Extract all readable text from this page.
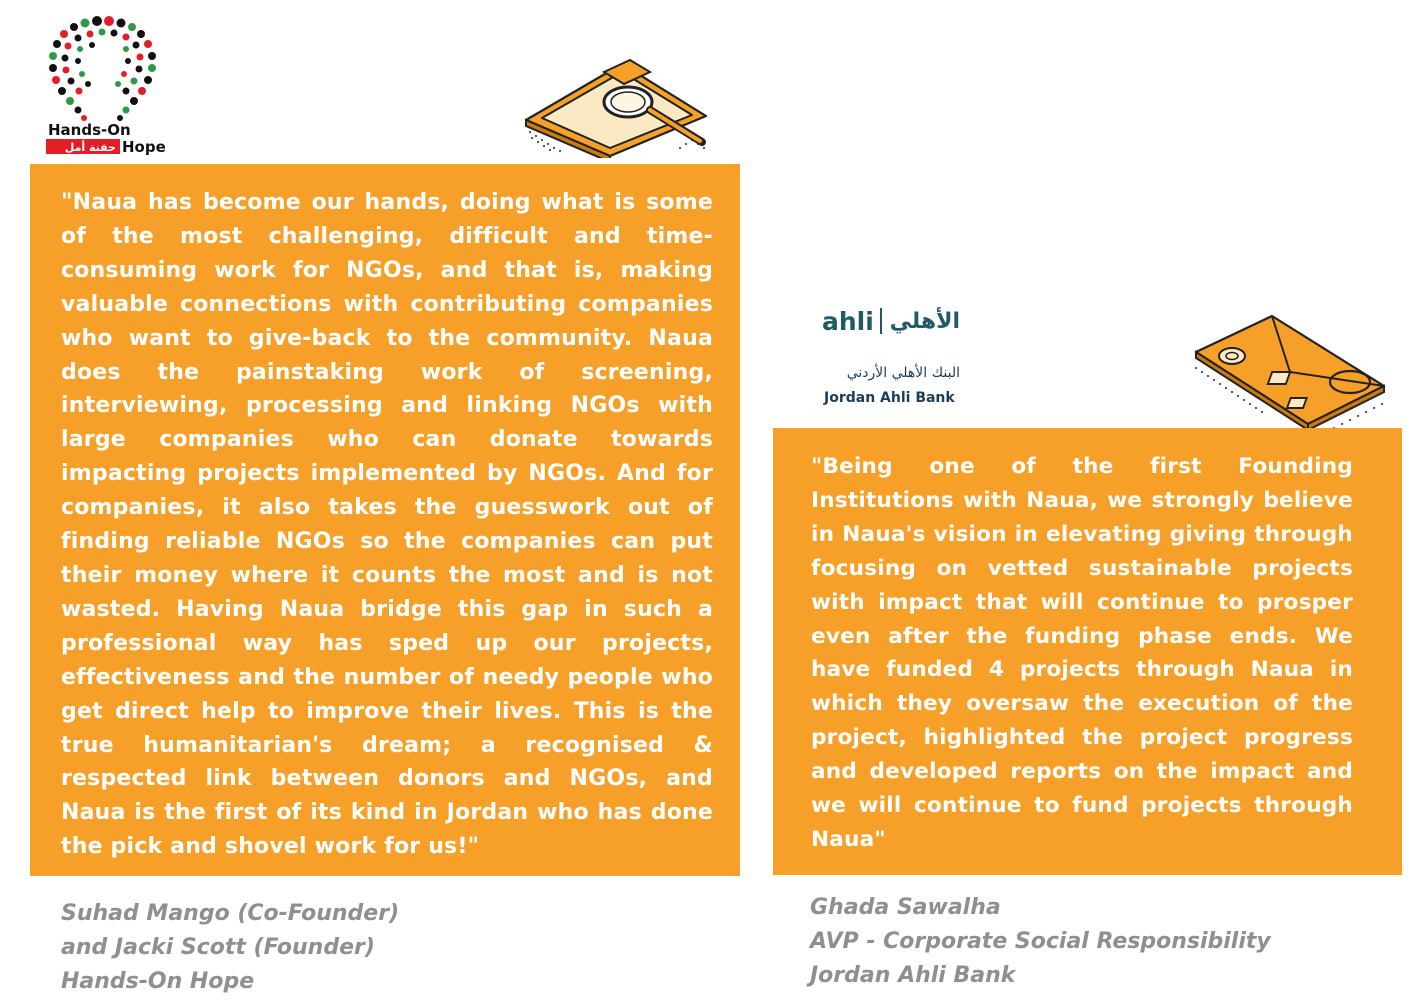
Hands-On
حفنة أمل Hope

"Naua has become our hands, doing what is some of the most challenging, difficult and time-consuming work for NGOs, and that is, making valuable connections with contributing companies who want to give-back to the community. Naua does the painstaking work of screening, interviewing, processing and linking NGOs with large companies who can donate towards impacting projects implemented by NGOs. And for companies, it also takes the guesswork out of finding reliable NGOs so the companies can put their money where it counts the most and is not wasted. Having Naua bridge this gap in such a professional way has sped up our projects, effectiveness and the number of needy people who get direct help to improve their lives. This is the true humanitarian's dream; a recognised & respected link between donors and NGOs, and Naua is the first of its kind in Jordan who has done the pick and shovel work for us!"

Suhad Mango (Co-Founder)
and Jacki Scott (Founder)
Hands-On Hope
ahli الأهلي
البنك الأهلي الأردني
Jordan Ahli Bank

"Being one of the first Founding Institutions with Naua, we strongly believe in Naua's vision in elevating giving through focusing on vetted sustainable projects with impact that will continue to prosper even after the funding phase ends. We have funded 4 projects through Naua in which they oversaw the execution of the project, highlighted the project progress and developed reports on the impact and we will continue to fund projects through Naua"

Ghada Sawalha
AVP - Corporate Social Responsibility
Jordan Ahli Bank
